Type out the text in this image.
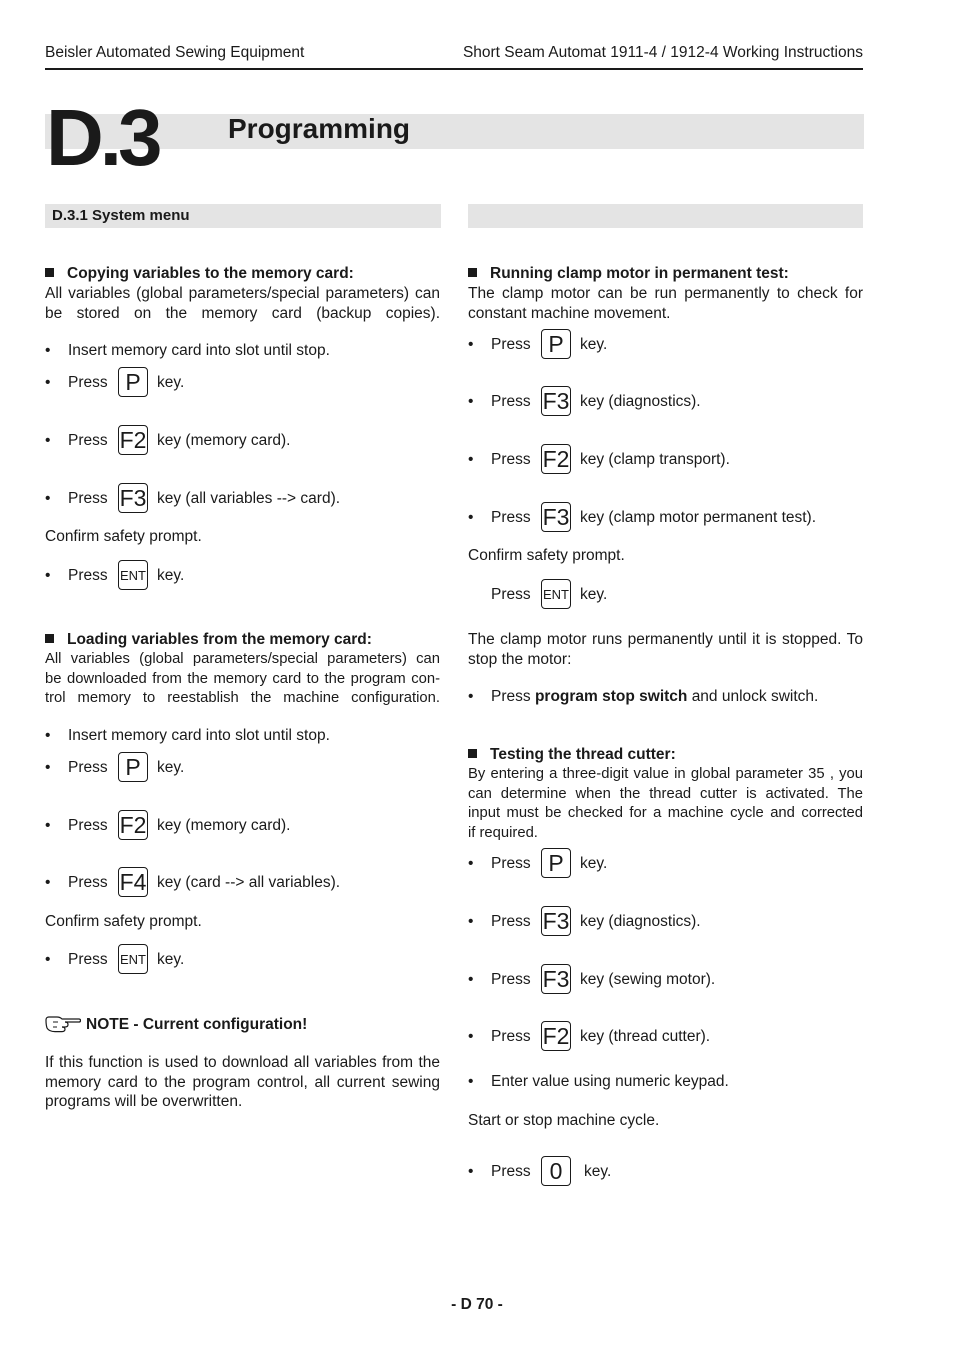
Beisler Automated Sewing Equipment	Short Seam Automat 1911-4 / 1912-4 Working Instructions
D.3 Programming
D.3.1 System menu
Copying variables to the memory card:
All variables (global parameters/special parameters) can
be stored on the memory card (backup copies).
• Insert memory card into slot until stop.
• Press P	key.
• Press F2 key (memory card).
• Press F3 key (all variables --> card).
Confirm safety prompt.
• Press ENT key.
Loading variables from the memory card:
All variables (global parameters/special parameters) can
be downloaded from the memory card to the program con-
trol memory to reestablish the machine configuration.
• Insert memory card into slot until stop.
• Press P	key.
• Press F2 key (memory card).
• Press F4 key (card --> all variables).
Confirm safety prompt.
• Press ENT key.
NOTE - Current configuration!
If this function is used to download all variables from the
memory card to the program control, all current sewing

programs will be overwritten.
Running clamp motor in permanent test:
The clamp motor can be run permanently to check for

constant machine movement.
• Press P	key.
• Press F3 key (diagnostics).
• Press F2 key (clamp transport).
• Press F3 key (clamp motor permanent test).
Confirm safety prompt.
Press ENT key.
The clamp motor runs permanently until it is stopped. To

stop the motor:
• Press program stop switch and unlock switch.
Testing the thread cutter:
By entering a three-digit value in global parameter 35 , you
can determine when the thread cutter is activated. The
input must be checked for a machine cycle and corrected

if required.
• Press P	key.
• Press F3 key (diagnostics).
• Press F3 key (sewing motor).
• Press F2 key (thread cutter).
• Enter value using numeric keypad.
Start or stop machine cycle.
• Press 0	key.
- D 70 -
